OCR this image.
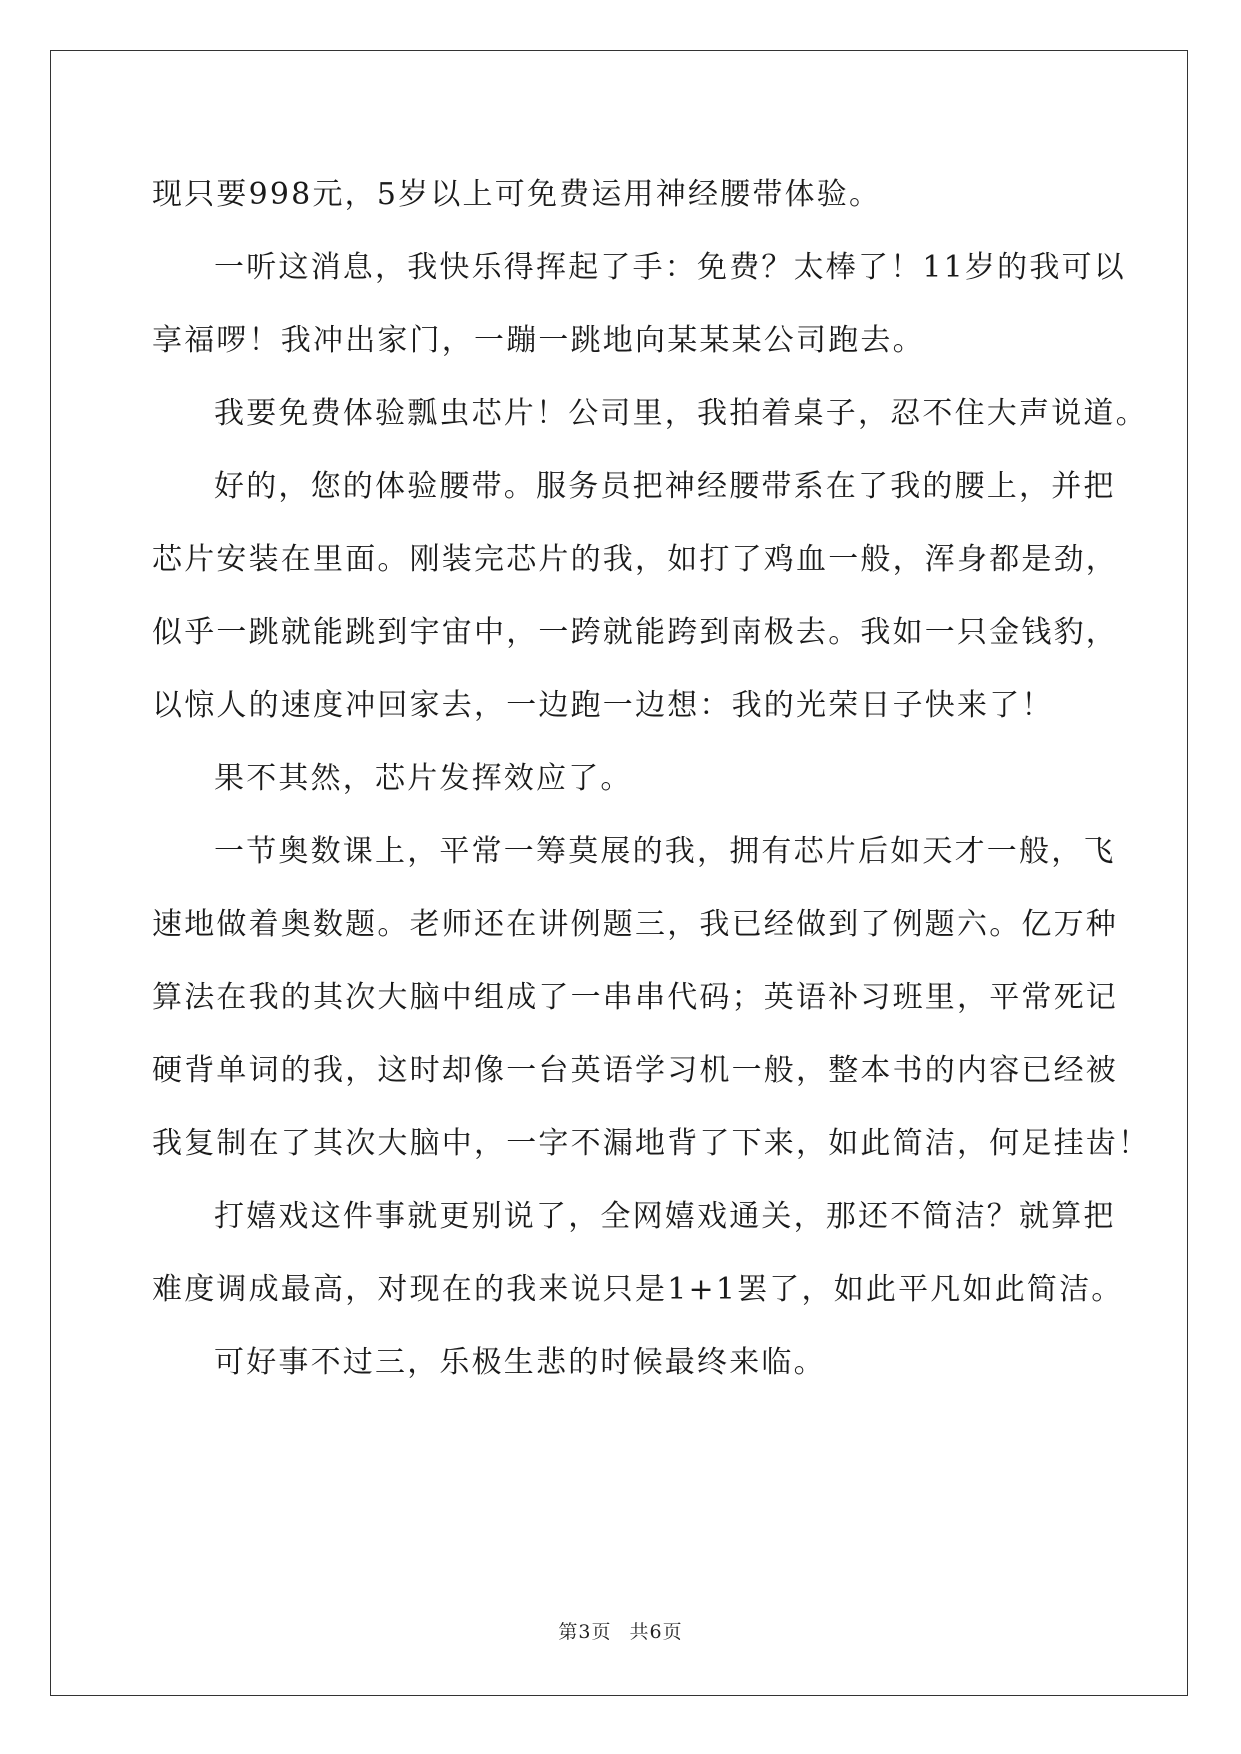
现只要998元，5岁以上可免费运用神经腰带体验。
一听这消息，我快乐得挥起了手：免费？太棒了！11岁的我可以
享福啰！我冲出家门，一蹦一跳地向某某某公司跑去。
我要免费体验瓢虫芯片！公司里，我拍着桌子，忍不住大声说道。
好的，您的体验腰带。服务员把神经腰带系在了我的腰上，并把
芯片安装在里面。刚装完芯片的我，如打了鸡血一般，浑身都是劲，
似乎一跳就能跳到宇宙中，一跨就能跨到南极去。我如一只金钱豹，
以惊人的速度冲回家去，一边跑一边想：我的光荣日子快来了！
果不其然，芯片发挥效应了。
一节奥数课上，平常一筹莫展的我，拥有芯片后如天才一般，飞
速地做着奥数题。老师还在讲例题三，我已经做到了例题六。亿万种
算法在我的其次大脑中组成了一串串代码；英语补习班里，平常死记
硬背单词的我，这时却像一台英语学习机一般，整本书的内容已经被
我复制在了其次大脑中，一字不漏地背了下来，如此简洁，何足挂齿！
打嬉戏这件事就更别说了，全网嬉戏通关，那还不简洁？就算把
难度调成最高，对现在的我来说只是1+1罢了，如此平凡如此简洁。
可好事不过三，乐极生悲的时候最终来临。
第3页 共6页
